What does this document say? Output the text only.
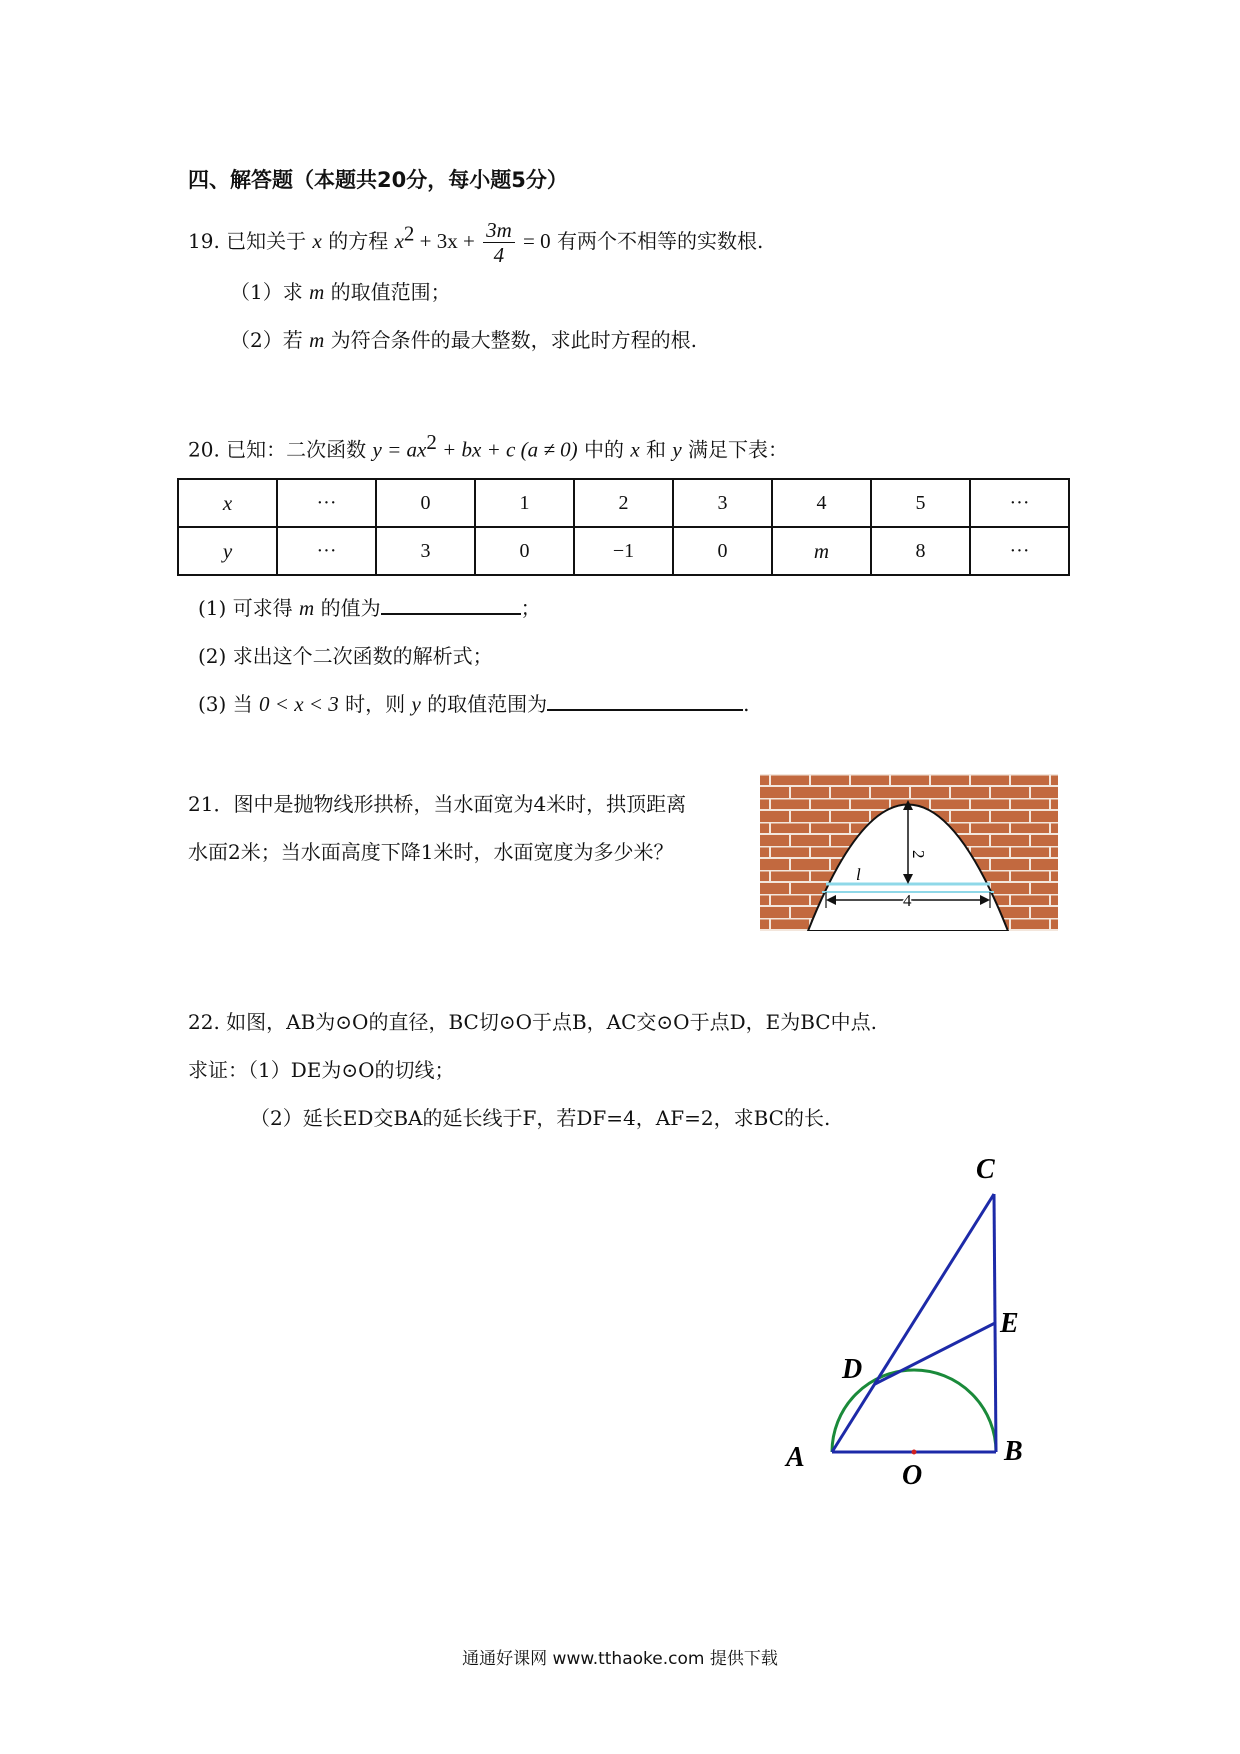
四、解答题（本题共20分，每小题5分）
19. 已知关于 x 的方程 $x^2 + 3x + \frac{3m}{4} = 0$ 有两个不相等的实数根.
（1）求 m 的取值范围；
（2）若 m 为符合条件的最大整数，求此时方程的根.
20. 已知：二次函数 $y = ax^2$ + bx + c (a ≠ 0) 中的 x 和 y 满足下表：
x	···	0	1	2	3	4	5	···
y	···	3	0	−1	0	m	8	···
(1) 可求得 m 的值为	；
(2) 求出这个二次函数的解析式；
(3) 当 0 < x < 3 时，则 y 的取值范围为	.
21．图中是抛物线形拱桥，当水面宽为4米时，拱顶距离
水面2米；当水面高度下降1米时，水面宽度为多少米？	2
4
l
22. 如图，AB为⊙O的直径，BC切⊙O于点B，AC交⊙O于点D，E为BC中点.
求证：（1）DE为⊙O的切线；
（2）延长ED交BA的延长线于F，若DF=4，AF=2，求BC的长.
A	B
C
D
E
O
通通好课网 www.tthaoke.com 提供下载
